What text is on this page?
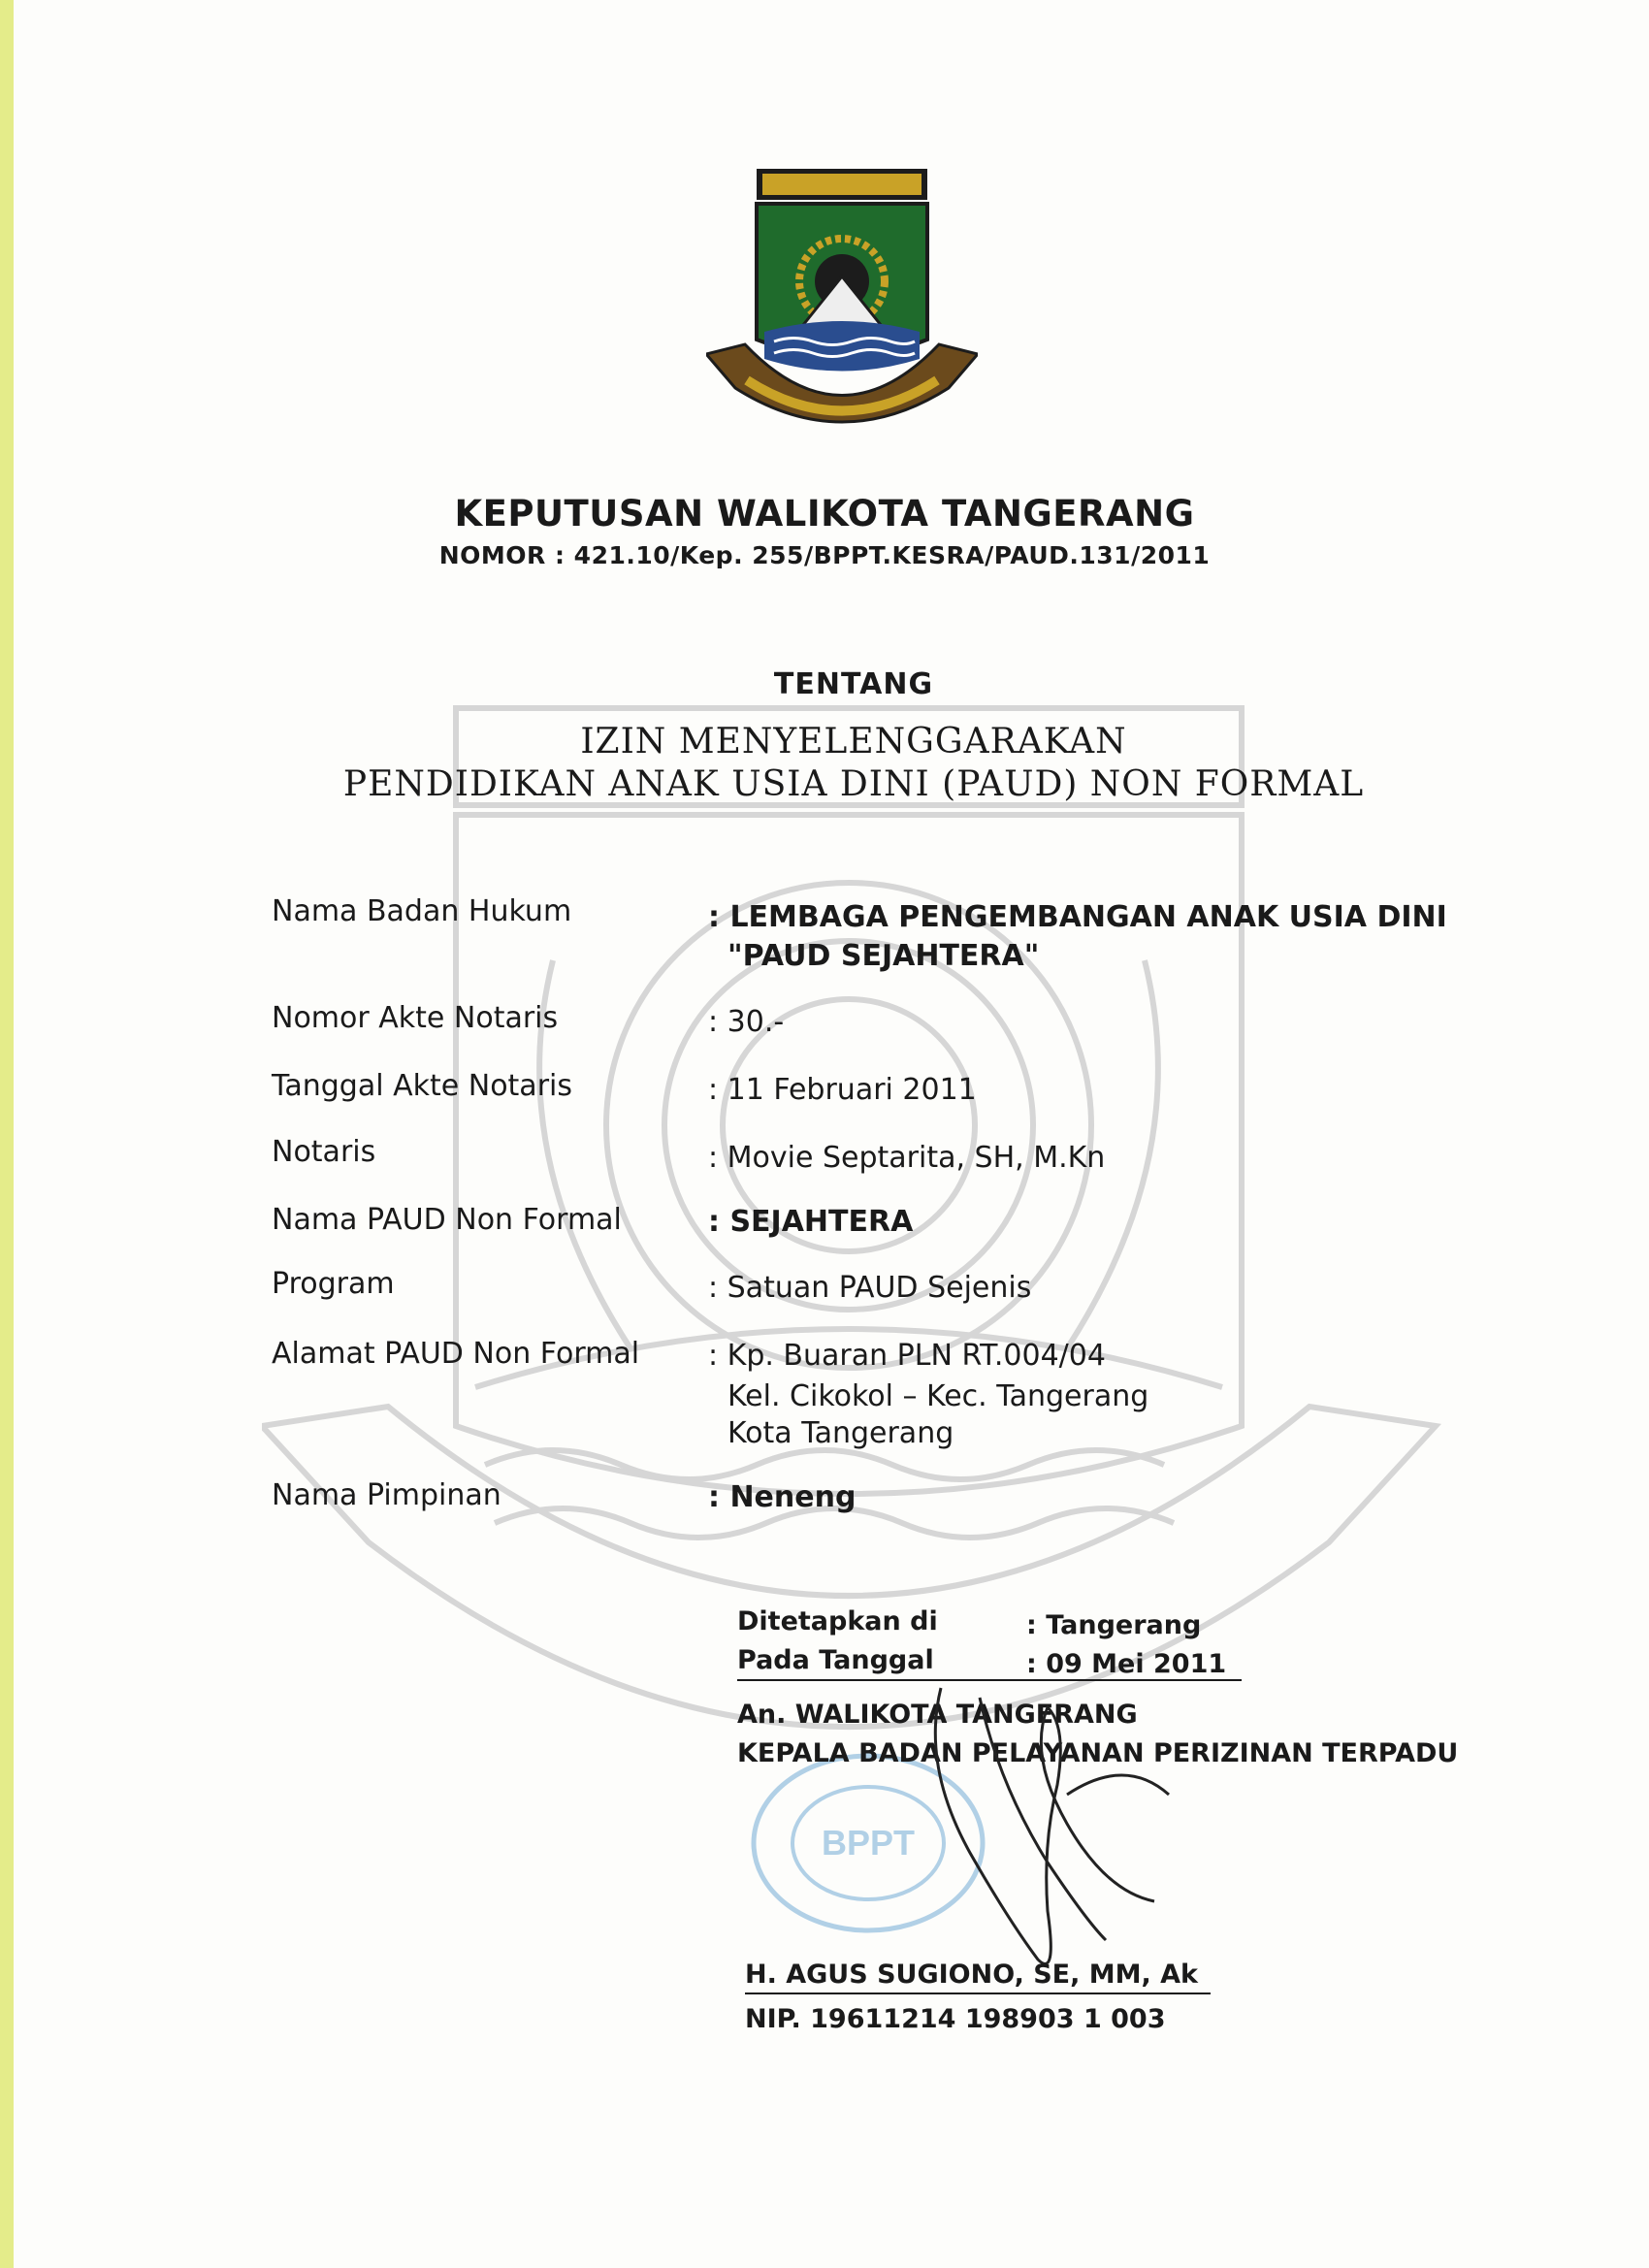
KEPUTUSAN WALIKOTA TANGERANG
NOMOR : 421.10/Kep. 255/BPPT.KESRA/PAUD.131/2011
TENTANG
IZIN MENYELENGGARAKAN
PENDIDIKAN ANAK USIA DINI (PAUD) NON FORMAL
Nama Badan Hukum	: LEMBAGA PENGEMBANGAN ANAK USIA DINI
"PAUD SEJAHTERA"
Nomor Akte Notaris	: 30.-
Tanggal Akte Notaris	: 11 Februari 2011
Notaris	: Movie Septarita, SH, M.Kn
Nama PAUD Non Formal	: SEJAHTERA
Program	: Satuan PAUD Sejenis
Alamat PAUD Non Formal : Kp. Buaran PLN RT.004/04
Kel. Cikokol – Kec. Tangerang
Kota Tangerang
Nama Pimpinan	: Neneng
BPPT
Ditetapkan di	: Tangerang
Pada Tanggal	: 09 Mei 2011
An. WALIKOTA TANGERANG
KEPALA BADAN PELAYANAN PERIZINAN TERPADU
H. AGUS SUGIONO, SE, MM, Ak
NIP. 19611214 198903 1 003
